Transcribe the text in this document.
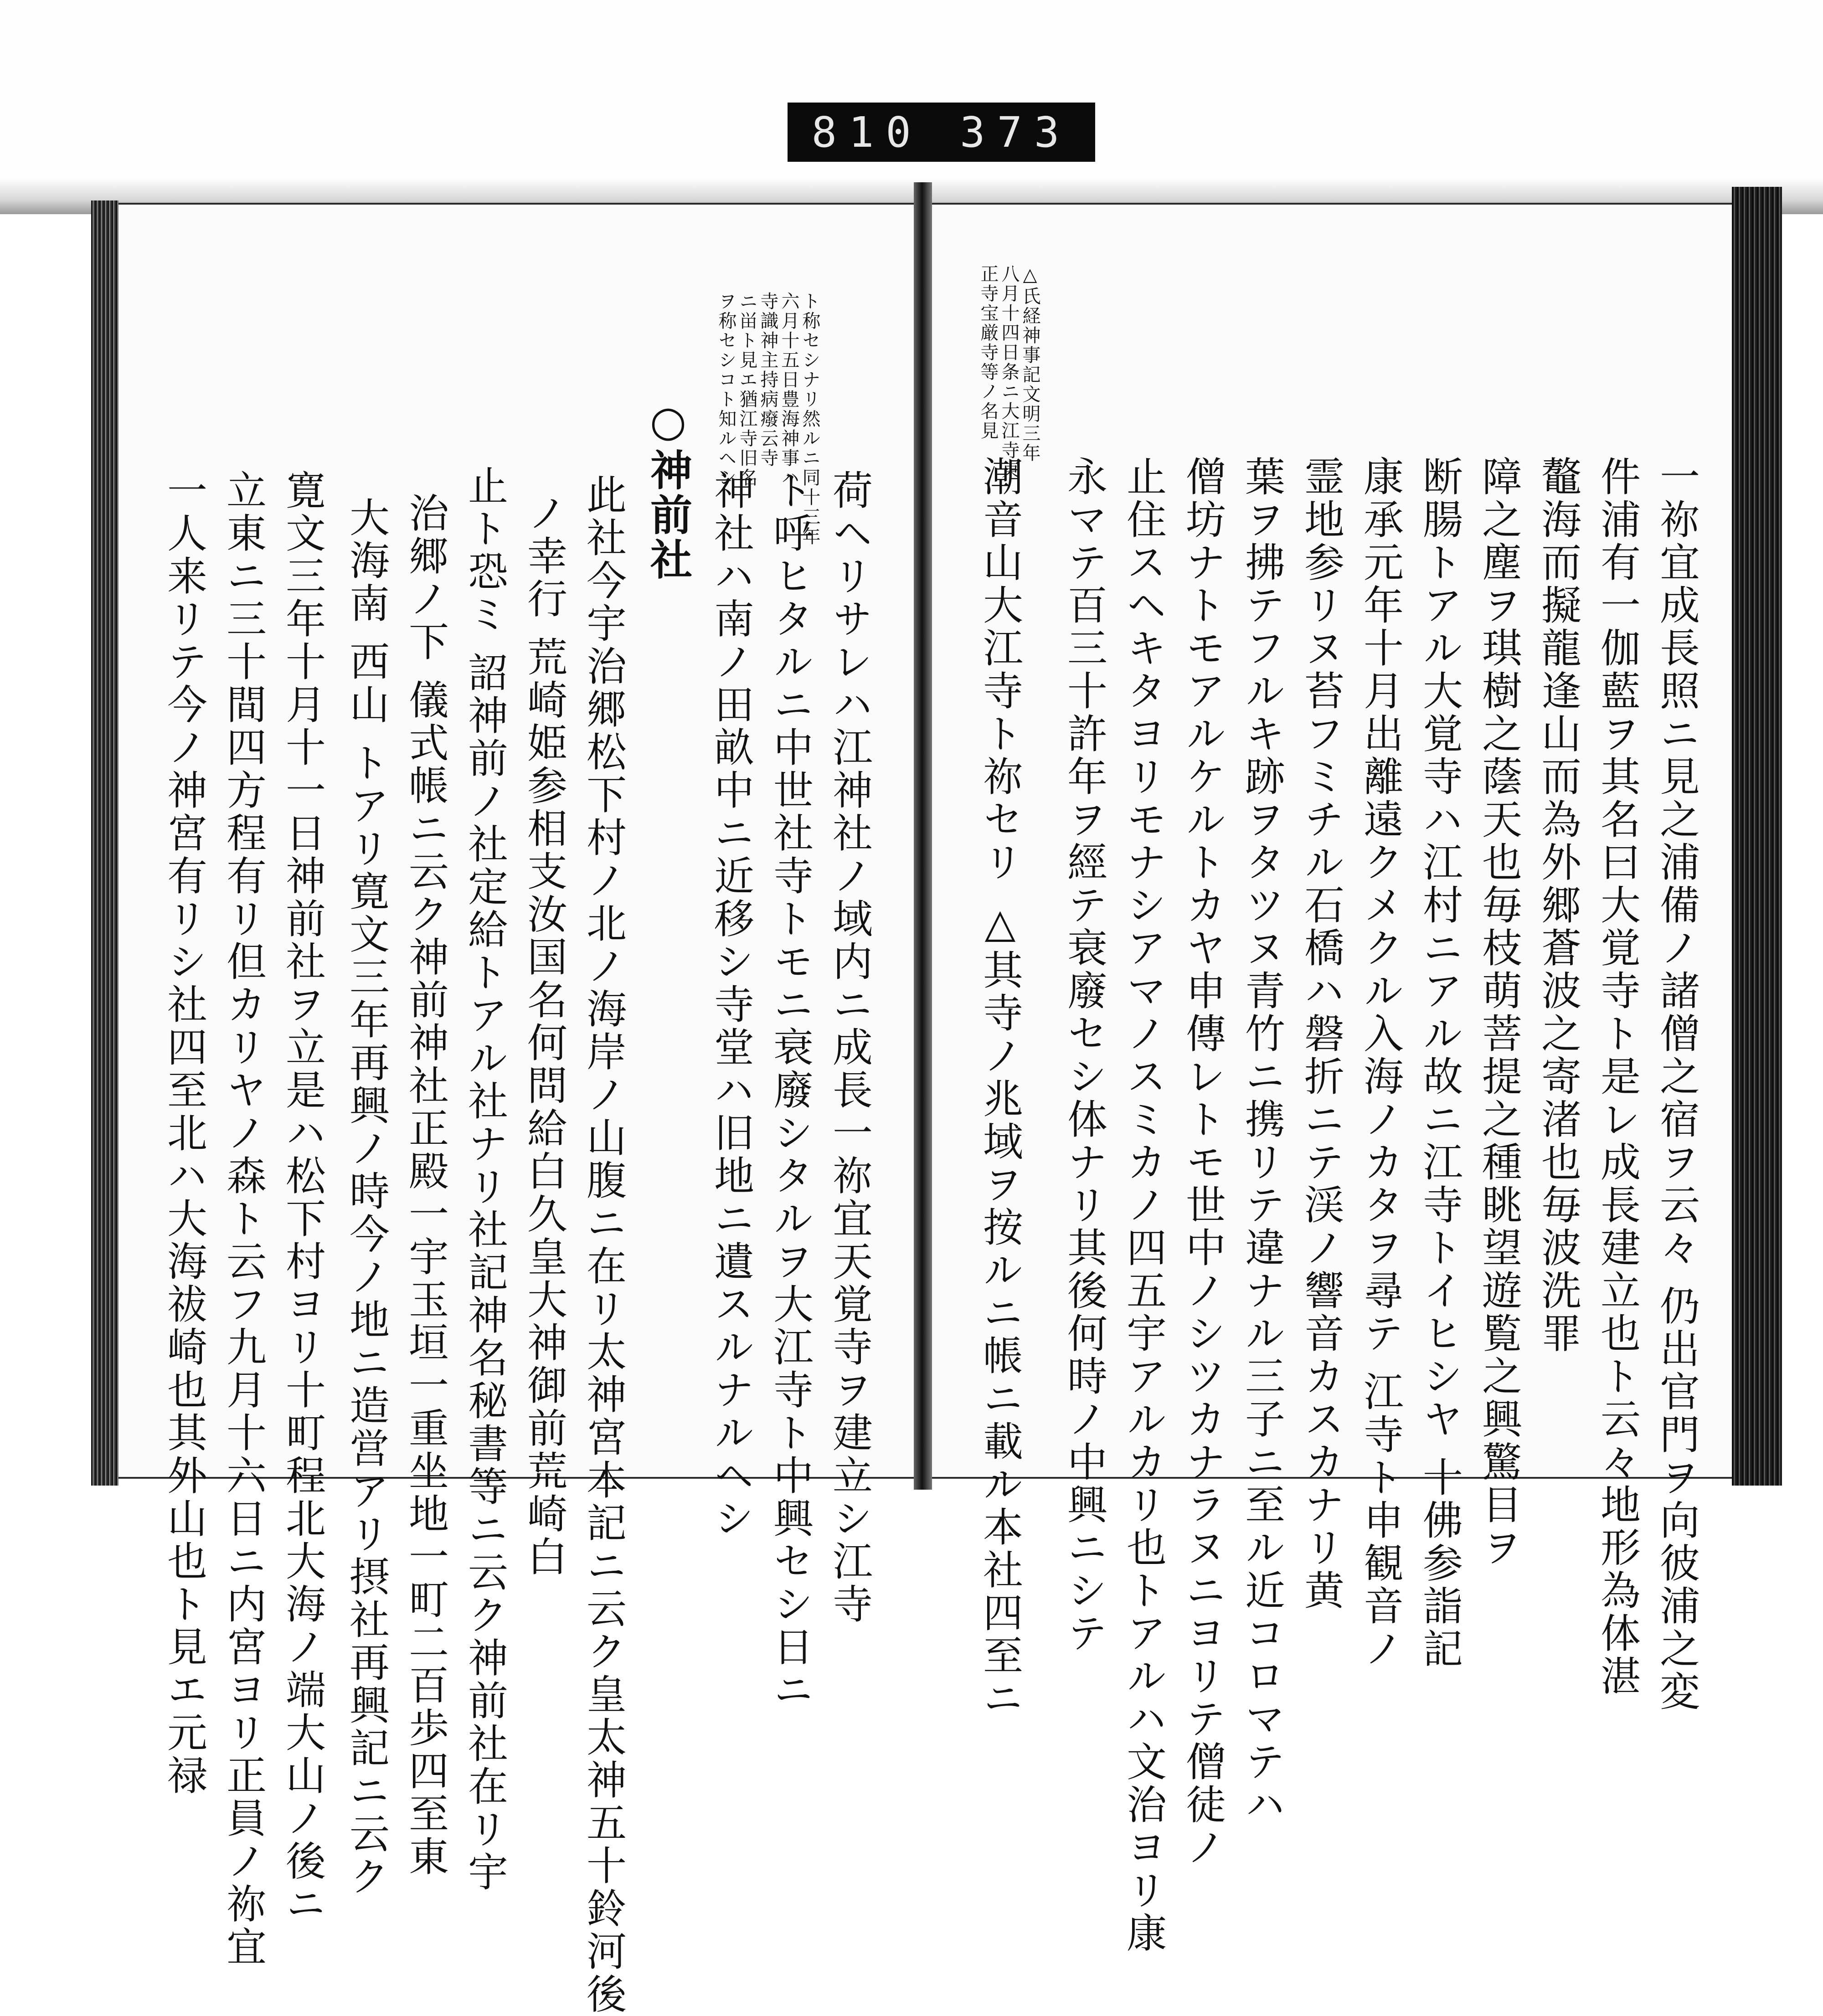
810 373
△氏経神事記文明三年
八月十四日条ニ大江寺東
正寺宝厳寺等ノ名見
一祢宜成長照ニ見之浦備ノ諸僧之宿ヲ云々 仍出官門ヲ向彼浦之変
件浦有一伽藍ヲ其名曰大覚寺ト是レ成長建立也ト云々地形為体湛
鼇海而擬龍逢山而為外郷蒼波之寄渚也毎波洗罪
障之塵ヲ琪樹之蔭天也毎枝萌菩提之種眺望遊覧之興驚目ヲ
断腸トアル大覚寺ハ江村ニアル故ニ江寺トイヒシヤ 十佛参詣記
康承元年十月出離遠クメクル入海ノカタヲ尋テ 江寺ト申観音ノ
霊地参リヌ苔フミチル石橋ハ磐折ニテ渓ノ響音カスカナリ黄
葉ヲ拂テフルキ跡ヲタツヌ青竹ニ携リテ違ナル三子ニ至ル近コロマテハ
僧坊ナトモアルケルトカヤ申傳レトモ世中ノシツカナラヌニヨリテ僧徒ノ
止住スヘキタヨリモナシアマノスミカノ四五宇アルカリ也トアルハ文治ヨリ康
永マテ百三十許年ヲ經テ衰廢セシ体ナリ其後何時ノ中興ニシテ
潮音山大江寺ト祢セリ △其寺ノ兆域ヲ按ルニ帳ニ載ル本社四至ニ
ト称セシナリ然ルニ同十三年
六月十五日豊海神事ハ
寺識神主持病癈云寺
ニ畄ト見エ猶江寺旧名
ヲ称セシコト知ルヘシ
荷ヘリサレハ江神社ノ域内ニ成長一祢宜天覚寺ヲ建立シ江寺
ト呼ヒタルニ中世社寺トモニ衰廢シタルヲ大江寺ト中興セシ日ニ
神社ハ南ノ田畝中ニ近移シ寺堂ハ旧地ニ遺スルナルヘシ
○神前社
此社今宇治郷松下村ノ北ノ海岸ノ山腹ニ在リ太神宮本記ニ云ク皇太神五十鈴河後
ノ幸行 荒崎姫参相支汝国名何問給白久皇大神御前荒崎白
止ト恐ミ 詔神前ノ社定給トアル社ナリ社記神名秘書等ニ云ク神前社在リ宇
治郷ノ下 儀式帳ニ云ク神前神社正殿一宇玉垣一重坐地一町二百歩四至東
大海南 西山 トアリ寛文三年再興ノ時今ノ地ニ造営アリ摂社再興記ニ云ク
寛文三年十月十一日神前社ヲ立是ハ松下村ヨリ十町程北大海ノ端大山ノ後ニ
立東ニ三十間四方程有リ但カリヤノ森ト云フ九月十六日ニ内宮ヨリ正員ノ祢宜
一人来リテ今ノ神宮有リシ社四至北ハ大海祓崎也其外山也ト見エ元禄
